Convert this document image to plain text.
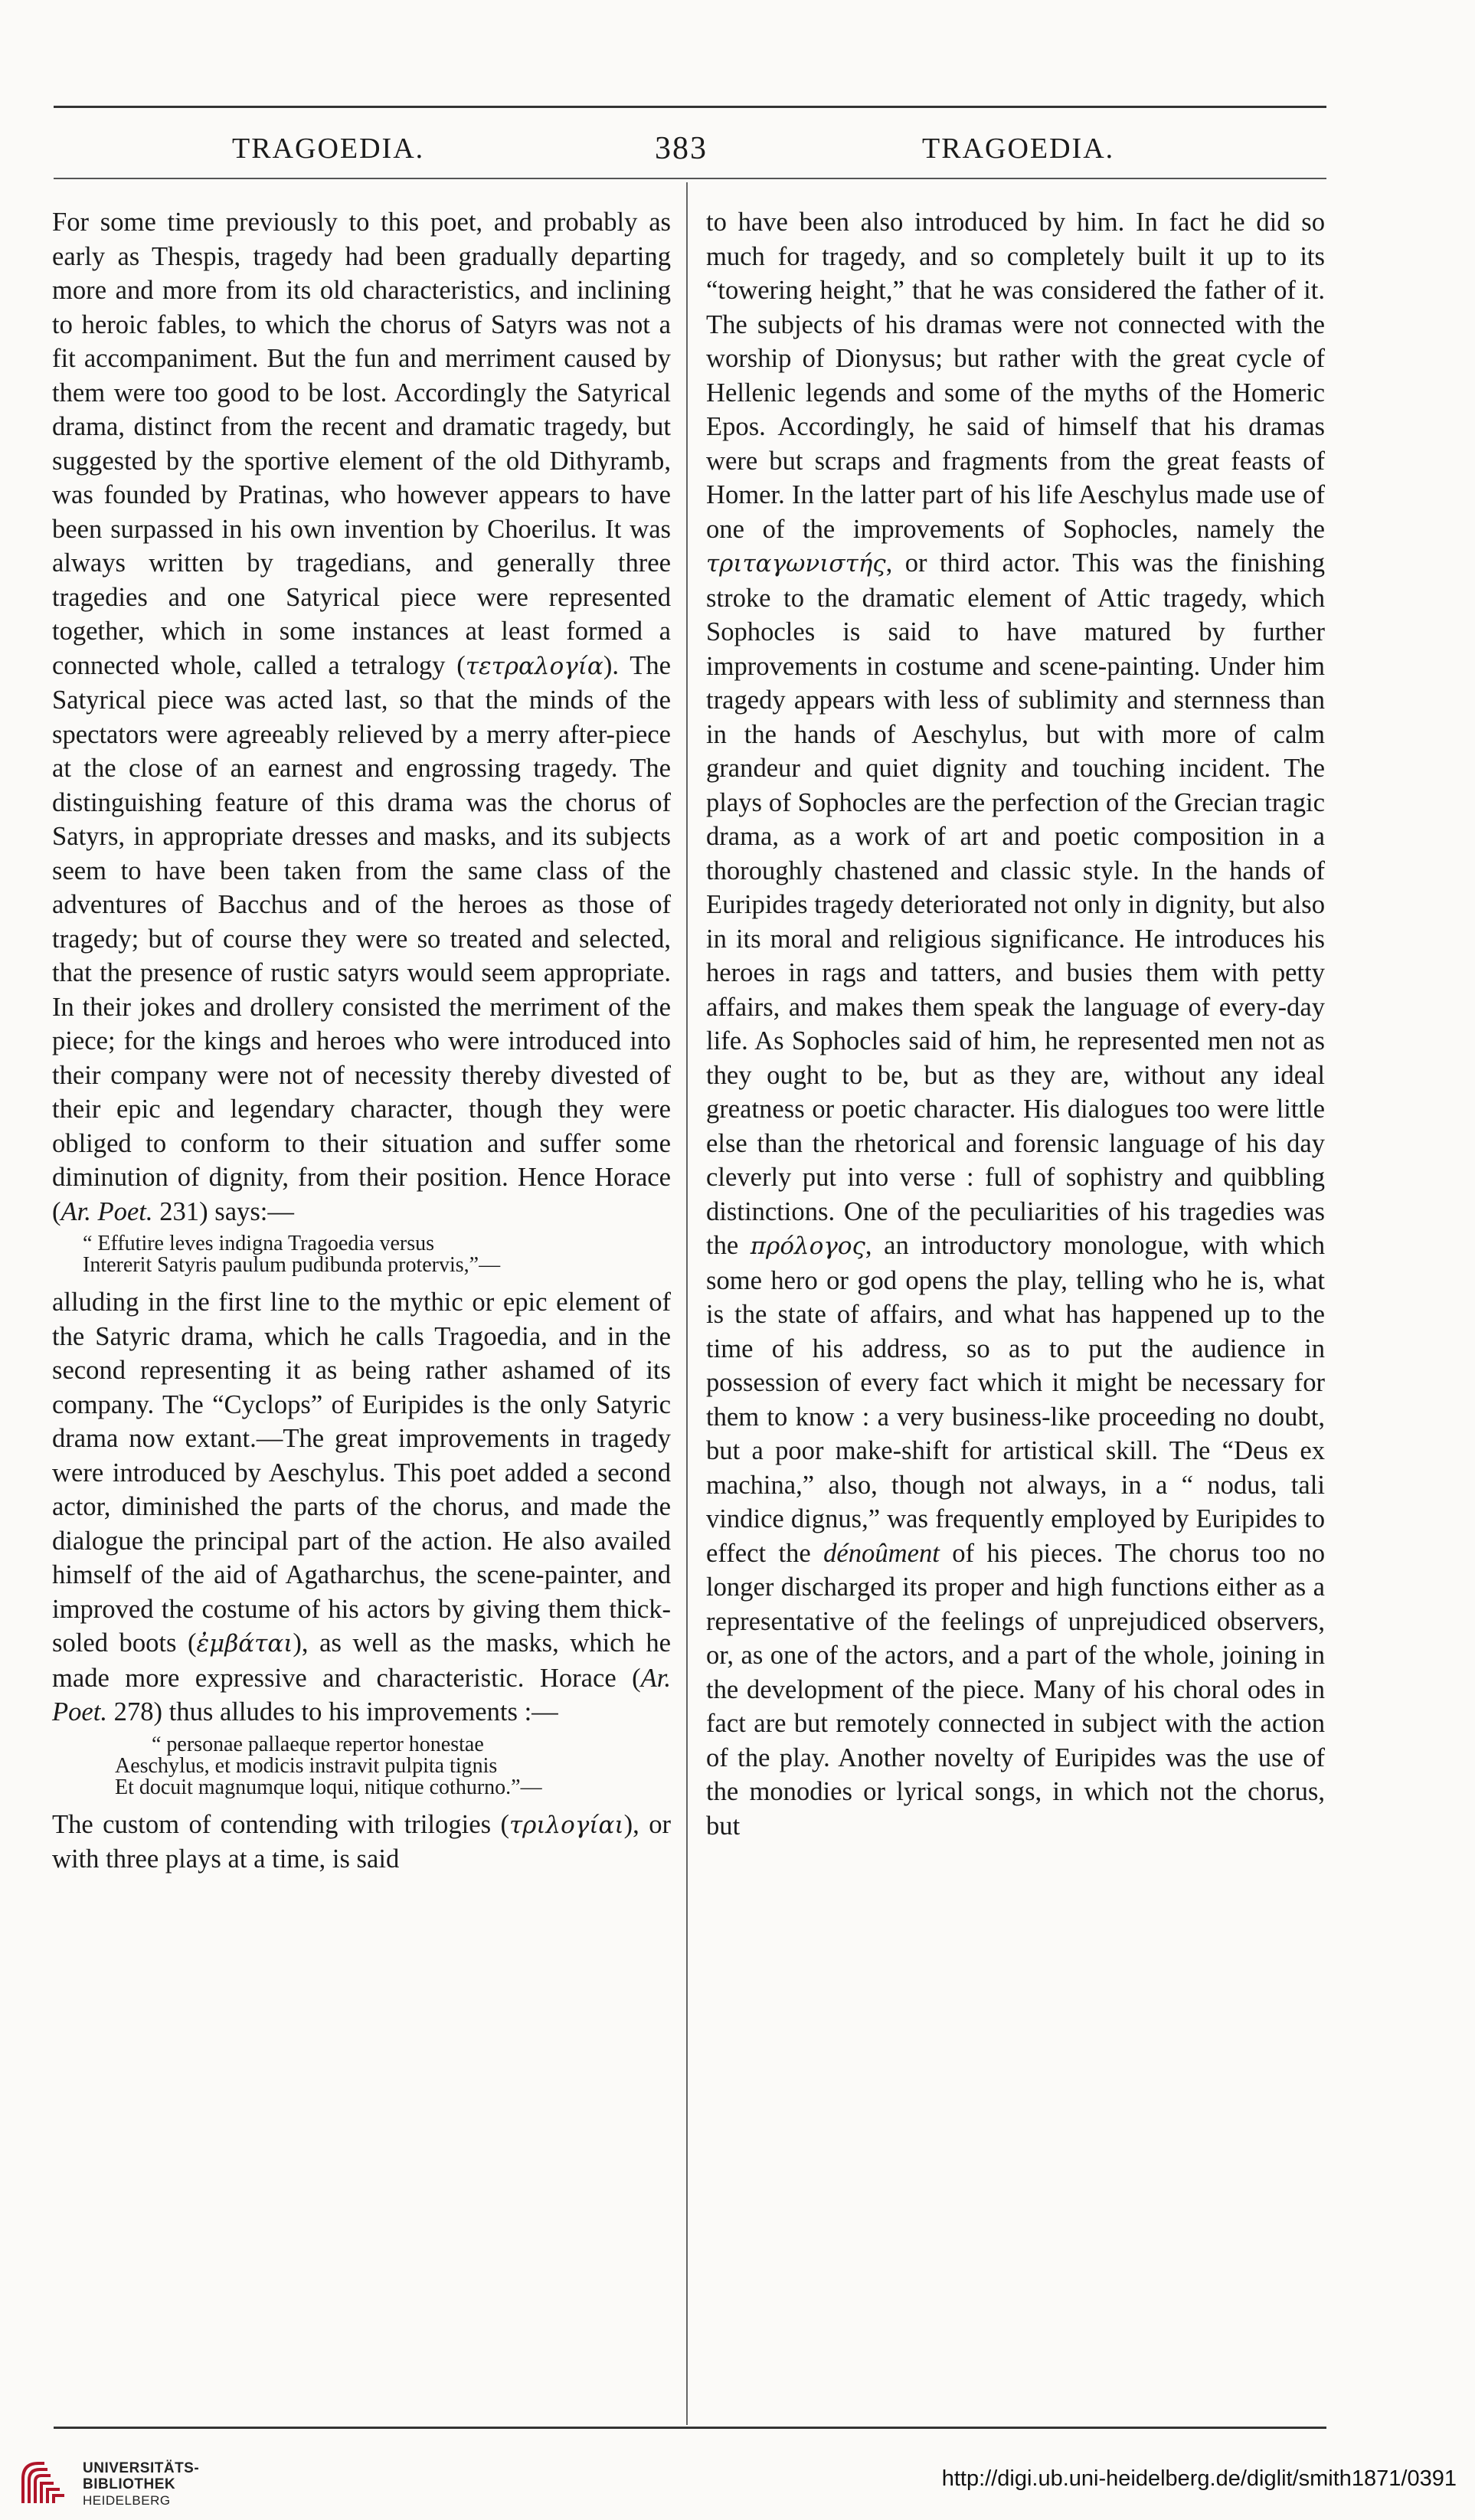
TRAGOEDIA.	383	TRAGOEDIA.

For some time previously to this poet, and probably as early as Thespis, tragedy had been gradually departing more and more from its old characteristics, and inclining to heroic fables, to which the chorus of Satyrs was not a fit accompaniment. But the fun and merriment caused by them were too good to be lost. Accordingly the Satyrical drama, distinct from the recent and dramatic tragedy, but suggested by the sportive element of the old Dithyramb, was founded by Pratinas, who however appears to have been surpassed in his own invention by Choerilus. It was always written by tragedians, and generally three tragedies and one Satyrical piece were represented together, which in some instances at least formed a connected whole, called a tetralogy (τετραλογία). The Satyrical piece was acted last, so that the minds of the spectators were agreeably relieved by a merry after-piece at the close of an earnest and engrossing tragedy. The distinguishing feature of this drama was the chorus of Satyrs, in appropriate dresses and masks, and its subjects seem to have been taken from the same class of the adventures of Bacchus and of the heroes as those of tragedy; but of course they were so treated and selected, that the presence of rustic satyrs would seem appropriate. In their jokes and drollery consisted the merriment of the piece; for the kings and heroes who were introduced into their company were not of necessity thereby divested of their epic and legendary character, though they were obliged to conform to their situation and suffer some diminution of dignity, from their position. Hence Horace (Ar. Poet. 231) says:—

“ Effutire leves indigna Tragoedia versus
Intererit Satyris paulum pudibunda protervis,”—

alluding in the first line to the mythic or epic element of the Satyric drama, which he calls Tragoedia, and in the second representing it as being rather ashamed of its company. The “Cyclops” of Euripides is the only Satyric drama now extant.—The great improvements in tragedy were introduced by Aeschylus. This poet added a second actor, diminished the parts of the chorus, and made the dialogue the principal part of the action. He also availed himself of the aid of Agatharchus, the scene-painter, and improved the costume of his actors by giving them thick-soled boots (ἐμβάται), as well as the masks, which he made more expressive and characteristic. Horace (Ar. Poet. 278) thus alludes to his improvements :—

“ personae pallaeque repertor honestae
Aeschylus, et modicis instravit pulpita tignis
Et docuit magnumque loqui, nitique cothurno.”—

The custom of contending with trilogies (τριλογίαι), or with three plays at a time, is said

to have been also introduced by him. In fact he did so much for tragedy, and so completely built it up to its “towering height,” that he was considered the father of it. The subjects of his dramas were not connected with the worship of Dionysus; but rather with the great cycle of Hellenic legends and some of the myths of the Homeric Epos. Accordingly, he said of himself that his dramas were but scraps and fragments from the great feasts of Homer. In the latter part of his life Aeschylus made use of one of the improvements of Sophocles, namely the τριταγωνιστής, or third actor. This was the finishing stroke to the dramatic element of Attic tragedy, which Sophocles is said to have matured by further improvements in costume and scene-painting. Under him tragedy appears with less of sublimity and sternness than in the hands of Aeschylus, but with more of calm grandeur and quiet dignity and touching incident. The plays of Sophocles are the perfection of the Grecian tragic drama, as a work of art and poetic composition in a thoroughly chastened and classic style. In the hands of Euripides tragedy deteriorated not only in dignity, but also in its moral and religious significance. He introduces his heroes in rags and tatters, and busies them with petty affairs, and makes them speak the language of every-day life. As Sophocles said of him, he represented men not as they ought to be, but as they are, without any ideal greatness or poetic character. His dialogues too were little else than the rhetorical and forensic language of his day cleverly put into verse : full of sophistry and quibbling distinctions. One of the peculiarities of his tragedies was the πρόλογος, an introductory monologue, with which some hero or god opens the play, telling who he is, what is the state of affairs, and what has happened up to the time of his address, so as to put the audience in possession of every fact which it might be necessary for them to know : a very business-like proceeding no doubt, but a poor make-shift for artistical skill. The “Deus ex machina,” also, though not always, in a “ nodus, tali vindice dignus,” was frequently employed by Euripides to effect the dénoûment of his pieces. The chorus too no longer discharged its proper and high functions either as a representative of the feelings of unprejudiced observers, or, as one of the actors, and a part of the whole, joining in the development of the piece. Many of his choral odes in fact are but remotely connected in subject with the action of the play. Another novelty of Euripides was the use of the monodies or lyrical songs, in which not the chorus, but

UNIVERSITÄTS-
BIBLIOTHEK
HEIDELBERG
http://digi.ub.uni-heidelberg.de/diglit/smith1871/0391
